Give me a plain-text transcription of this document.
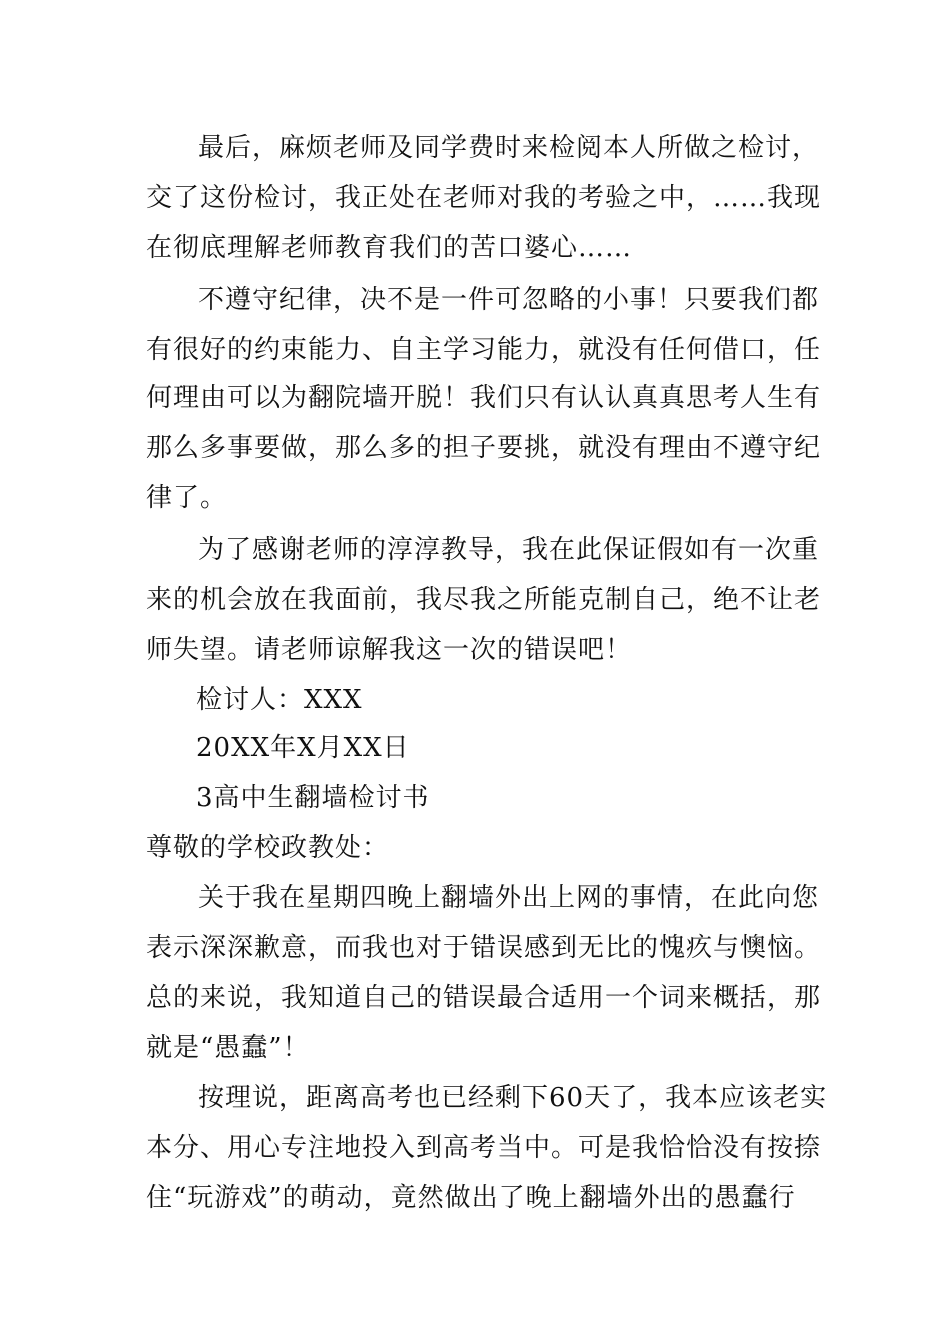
最后，麻烦老师及同学费时来检阅本人所做之检讨，
交了这份检讨，我正处在老师对我的考验之中，……我现
在彻底理解老师教育我们的苦口婆心……
不遵守纪律，决不是一件可忽略的小事！只要我们都
有很好的约束能力、自主学习能力，就没有任何借口，任
何理由可以为翻院墙开脱！我们只有认认真真思考人生有
那么多事要做，那么多的担子要挑，就没有理由不遵守纪
律了。
为了感谢老师的淳淳教导，我在此保证假如有一次重
来的机会放在我面前，我尽我之所能克制自己，绝不让老
师失望。请老师谅解我这一次的错误吧！
检讨人：XXX
20XX年X月XX日
3高中生翻墙检讨书
尊敬的学校政教处：
关于我在星期四晚上翻墙外出上网的事情，在此向您
表示深深歉意，而我也对于错误感到无比的愧疚与懊恼。
总的来说，我知道自己的错误最合适用一个词来概括，那
就是“愚蠢”！
按理说，距离高考也已经剩下60天了，我本应该老实
本分、用心专注地投入到高考当中。可是我恰恰没有按捺
住“玩游戏”的萌动，竟然做出了晚上翻墙外出的愚蠢行
